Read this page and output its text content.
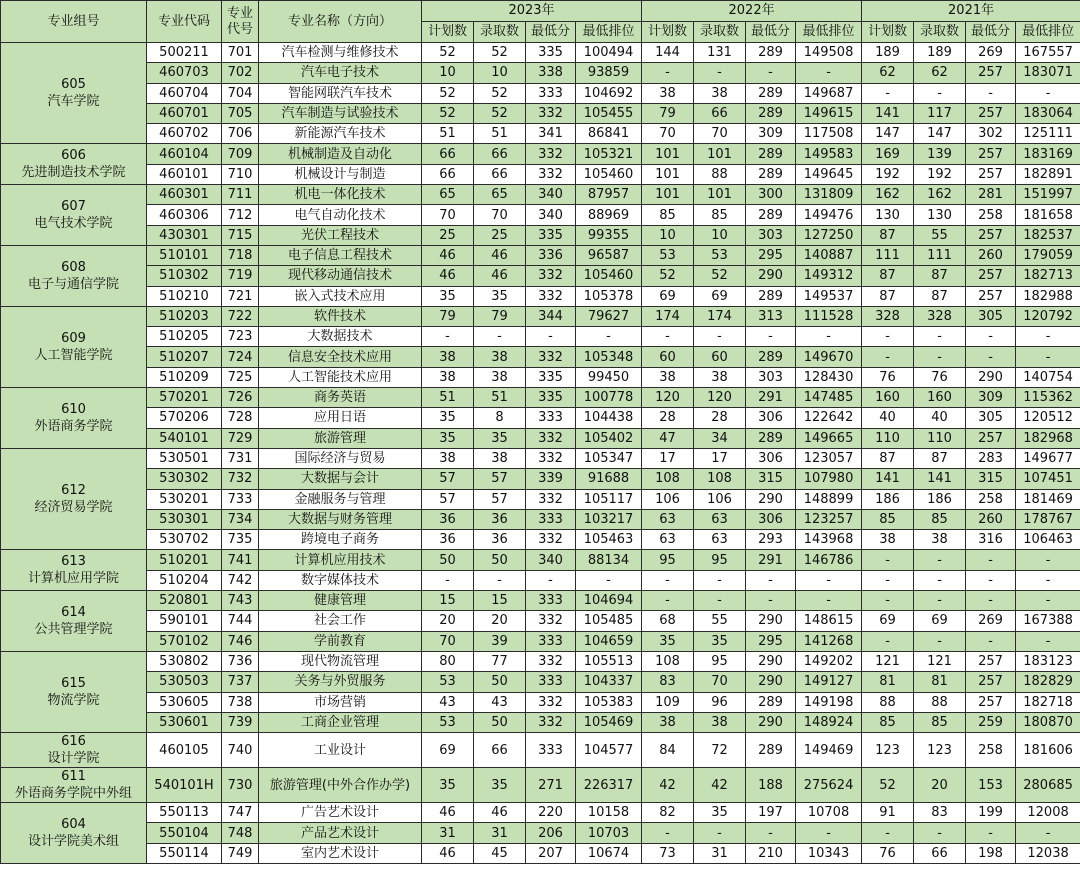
专业组号	专业代码	专业
代号	专业名称（方向）	2023年				2022年				2021年			
				计划数	录取数	最低分	最低排位	计划数	录取数	最低分	最低排位	计划数	录取数	最低分	最低排位

605
汽车学院	500211	701	汽车检测与维修技术	52	52	335	100494	144	131	289	149508	189	189	269	167557
	460703	702	汽车电子技术	10	10	338	93859	-	-	-	-	62	62	257	183071
	460704	704	智能网联汽车技术	52	52	333	104692	38	38	289	149687	-	-	-	-
	460701	705	汽车制造与试验技术	52	52	332	105455	79	66	289	149615	141	117	257	183064
	460702	706	新能源汽车技术	51	51	341	86841	70	70	309	117508	147	147	302	125111

606
先进制造技术学院	460104	709	机械制造及自动化	66	66	332	105321	101	101	289	149583	169	139	257	183169
	460101	710	机械设计与制造	66	66	332	105460	101	88	289	149645	192	192	257	182891

607
电气技术学院	460301	711	机电一体化技术	65	65	340	87957	101	101	300	131809	162	162	281	151997
	460306	712	电气自动化技术	70	70	340	88969	85	85	289	149476	130	130	258	181658
	430301	715	光伏工程技术	25	25	335	99355	10	10	303	127250	87	55	257	182537

608
电子与通信学院	510101	718	电子信息工程技术	46	46	336	96587	53	53	295	140887	111	111	260	179059
	510302	719	现代移动通信技术	46	46	332	105460	52	52	290	149312	87	87	257	182713
	510210	721	嵌入式技术应用	35	35	332	105378	69	69	289	149537	87	87	257	182988

609
人工智能学院	510203	722	软件技术	79	79	344	79627	174	174	313	111528	328	328	305	120792
	510205	723	大数据技术	-	-	-	-	-	-	-	-	-	-	-	-
	510207	724	信息安全技术应用	38	38	332	105348	60	60	289	149670	-	-	-	-
	510209	725	人工智能技术应用	38	38	335	99450	38	38	303	128430	76	76	290	140754

610
外语商务学院	570201	726	商务英语	51	51	335	100778	120	120	291	147485	160	160	309	115362
	570206	728	应用日语	35	8	333	104438	28	28	306	122642	40	40	305	120512
	540101	729	旅游管理	35	35	332	105402	47	34	289	149665	110	110	257	182968

612
经济贸易学院	530501	731	国际经济与贸易	38	38	332	105347	17	17	306	123057	87	87	283	149677
	530302	732	大数据与会计	57	57	339	91688	108	108	315	107980	141	141	315	107451
	530201	733	金融服务与管理	57	57	332	105117	106	106	290	148899	186	186	258	181469
	530301	734	大数据与财务管理	36	36	333	103217	63	63	306	123257	85	85	260	178767
	530702	735	跨境电子商务	36	36	332	105463	63	63	293	143968	38	38	316	106463

613
计算机应用学院	510201	741	计算机应用技术	50	50	340	88134	95	95	291	146786	-	-	-	-
	510204	742	数字媒体技术	-	-	-	-	-	-	-	-	-	-	-	-

614
公共管理学院	520801	743	健康管理	15	15	333	104694	-	-	-	-	-	-	-	-
	590101	744	社会工作	20	20	332	105485	68	55	290	148615	69	69	269	167388
	570102	746	学前教育	70	39	333	104659	35	35	295	141268	-	-	-	-

615
物流学院	530802	736	现代物流管理	80	77	332	105513	108	95	290	149202	121	121	257	183123
	530503	737	关务与外贸服务	53	50	333	104337	83	70	290	149127	81	81	257	182829
	530605	738	市场营销	43	43	332	105383	109	96	289	149198	88	88	257	182718
	530601	739	工商企业管理	53	50	332	105469	38	38	290	148924	85	85	259	180870

616
设计学院	460105	740	工业设计	69	66	333	104577	84	72	289	149469	123	123	258	181606

611
外语商务学院中外组	540101H	730	旅游管理(中外合作办学)	35	35	271	226317	42	42	188	275624	52	20	153	280685

604
设计学院美术组	550113	747	广告艺术设计	46	46	220	10158	82	35	197	10708	91	83	199	12008
	550104	748	产品艺术设计	31	31	206	10703	-	-	-	-	-	-	-	-
	550114	749	室内艺术设计	46	45	207	10674	73	31	210	10343	76	66	198	12038
